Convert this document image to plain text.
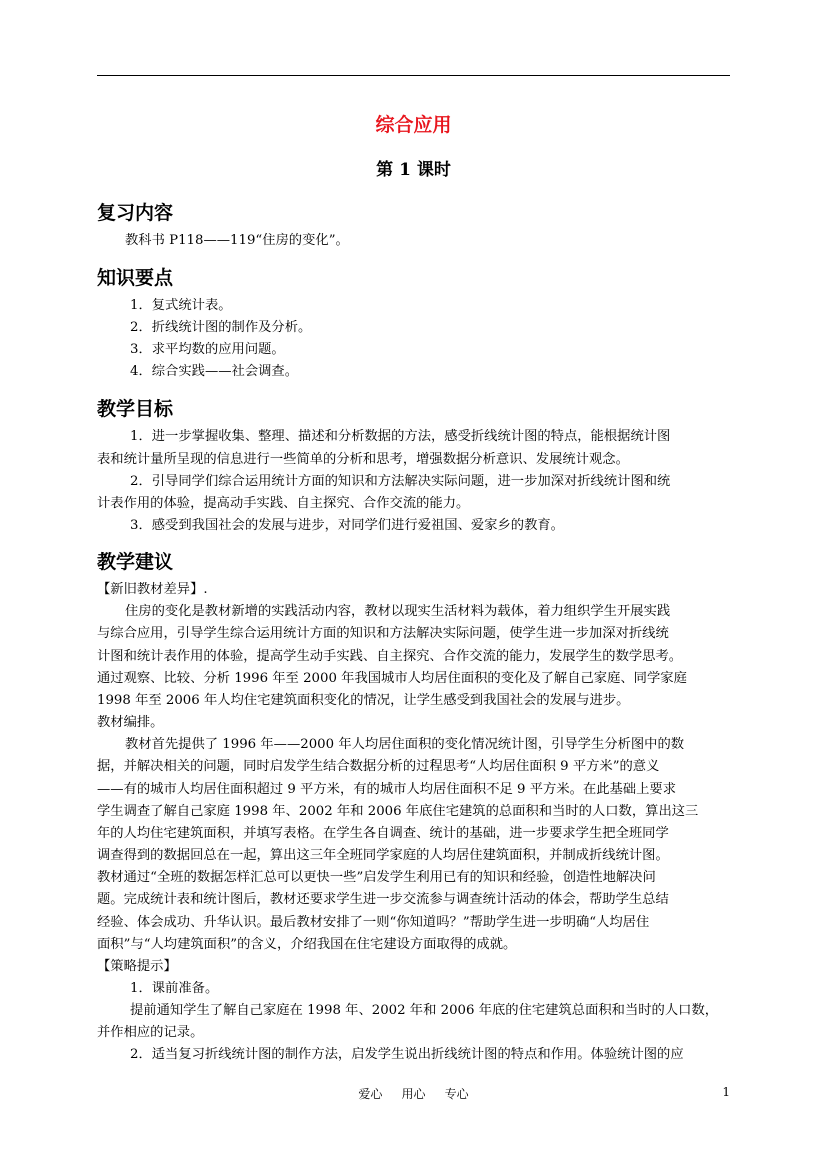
综合应用
第 1 课时
复习内容
教科书 P118——119“住房的变化”。
知识要点
1．复式统计表。
2．折线统计图的制作及分析。
3．求平均数的应用问题。
4．综合实践——社会调查。
教学目标
1．进一步掌握收集、整理、描述和分析数据的方法，感受折线统计图的特点，能根据统计图
表和统计量所呈现的信息进行一些简单的分析和思考，增强数据分析意识、发展统计观念。
2．引导同学们综合运用统计方面的知识和方法解决实际问题，进一步加深对折线统计图和统
计表作用的体验，提高动手实践、自主探究、合作交流的能力。
3．感受到我国社会的发展与进步，对同学们进行爱祖国、爱家乡的教育。
教学建议
【新旧教材差异】.
住房的变化是教材新增的实践活动内容，教材以现实生活材料为载体，着力组织学生开展实践
与综合应用，引导学生综合运用统计方面的知识和方法解决实际问题，使学生进一步加深对折线统
计图和统计表作用的体验，提高学生动手实践、自主探究、合作交流的能力，发展学生的数学思考。
通过观察、比较、分析 1996 年至 2000 年我国城市人均居住面积的变化及了解自己家庭、同学家庭
1998 年至 2006 年人均住宅建筑面积变化的情况，让学生感受到我国社会的发展与进步。
教材编排。
教材首先提供了 1996 年——2000 年人均居住面积的变化情况统计图，引导学生分析图中的数
据，并解决相关的问题，同时启发学生结合数据分析的过程思考“人均居住面积 9 平方米”的意义
——有的城市人均居住面积超过 9 平方米，有的城市人均居住面积不足 9 平方米。在此基础上要求
学生调查了解自己家庭 1998 年、2002 年和 2006 年底住宅建筑的总面积和当时的人口数，算出这三
年的人均住宅建筑面积，并填写表格。在学生各自调查、统计的基础，进一步要求学生把全班同学
调查得到的数据回总在一起，算出这三年全班同学家庭的人均居住建筑面积，并制成折线统计图。
教材通过“全班的数据怎样汇总可以更快一些”启发学生利用已有的知识和经验，创造性地解决问
题。完成统计表和统计图后，教材还要求学生进一步交流参与调查统计活动的体会，帮助学生总结
经验、体会成功、升华认识。最后教材安排了一则“你知道吗？”帮助学生进一步明确“人均居住
面积”与“人均建筑面积”的含义，介绍我国在住宅建设方面取得的成就。
【策略提示】
1．课前准备。
提前通知学生了解自己家庭在 1998 年、2002 年和 2006 年底的住宅建筑总面积和当时的人口数，
并作相应的记录。
2．适当复习折线统计图的制作方法，启发学生说出折线统计图的特点和作用。体验统计图的应
爱心     用心     专心	1
